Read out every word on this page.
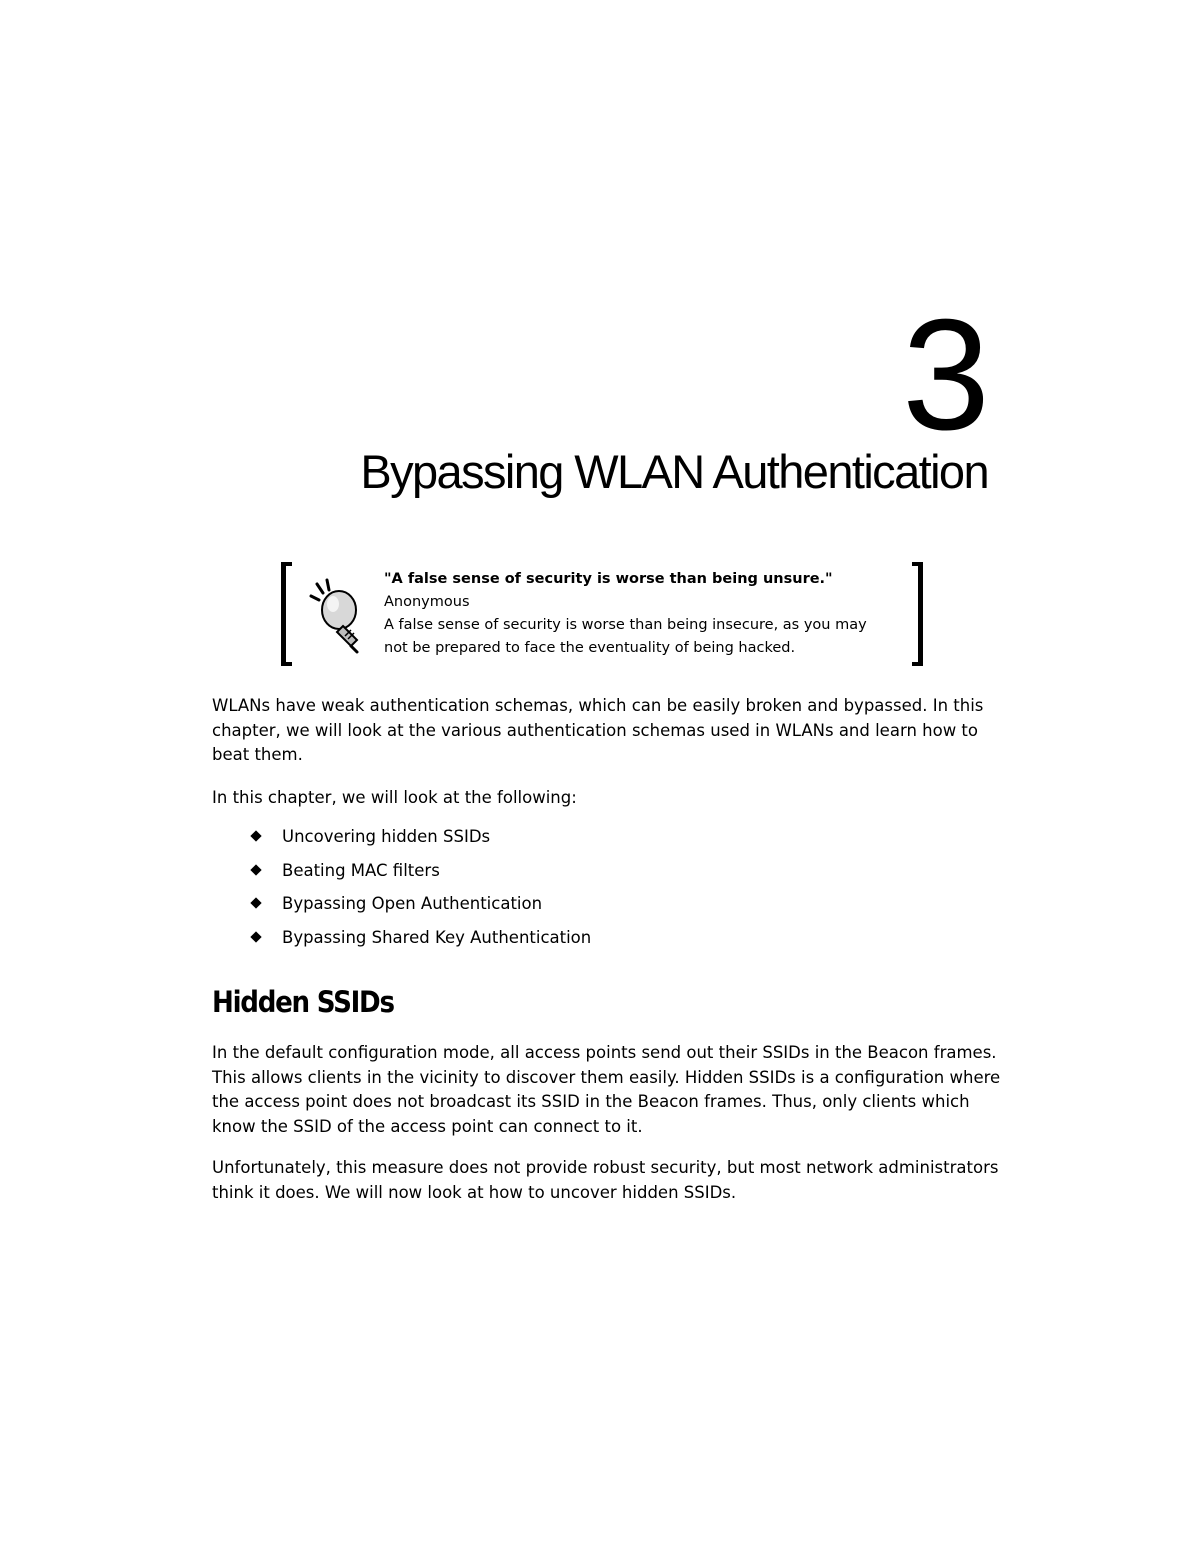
3
Bypassing WLAN Authentication
"A false sense of security is worse than being unsure."
Anonymous
A false sense of security is worse than being insecure, as you may
not be prepared to face the eventuality of being hacked.

WLANs have weak authentication schemas, which can be easily broken and bypassed. In this chapter, we will look at the various authentication schemas used in WLANs and learn how to beat them.

In this chapter, we will look at the following:

Uncovering hidden SSIDs
Beating MAC filters
Bypassing Open Authentication
Bypassing Shared Key Authentication
Hidden SSIDs

In the default configuration mode, all access points send out their SSIDs in the Beacon frames. This allows clients in the vicinity to discover them easily. Hidden SSIDs is a configuration where the access point does not broadcast its SSID in the Beacon frames. Thus, only clients which know the SSID of the access point can connect to it.

Unfortunately, this measure does not provide robust security, but most network administrators think it does. We will now look at how to uncover hidden SSIDs.
